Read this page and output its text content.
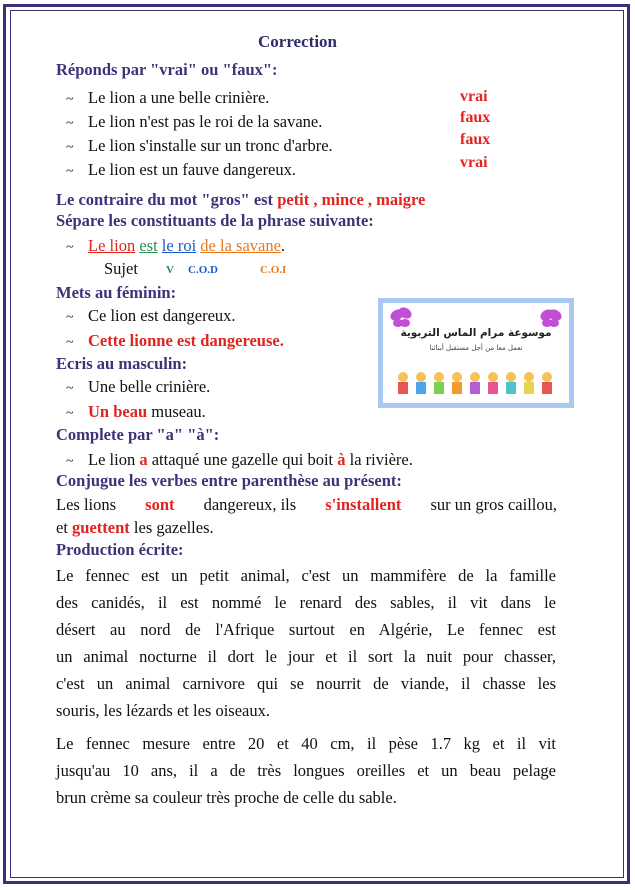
Correction
Réponds par "vrai" ou "faux":
~ Le lion a une belle crinière.	vrai
~ Le lion n'est pas le roi de la savane.	faux
~ Le lion s'installe sur un tronc d'arbre.	faux
~ Le lion est un fauve dangereux.	vrai
Le contraire du mot "gros" est petit , mince , maigre
Sépare les constituants de la phrase suivante:
~ Le lion est le roi de la savane.
Sujet	V C.O.D	C.O.I
Mets au féminin:
~ Ce lion est dangereux.
~ Cette lionne est dangereuse.
Ecris au masculin:
~ Une belle crinière.
~ Un beau museau.
Complete par "a" "à":
~ Le lion a attaqué une gazelle qui boit à la rivière.
Conjugue les verbes entre parenthèse au présent:
Les lions sont dangereux, ils s'installent sur un gros caillou,
et guettent les gazelles.
Production écrite:
Le fennec est un petit animal, c'est un mammifère de la famille
des canidés, il est nommé le renard des sables, il vit dans le
désert au nord de l'Afrique surtout en Algérie, Le fennec est
un animal nocturne il dort le jour et il sort la nuit pour chasser,
c'est un animal carnivore qui se nourrit de viande, il chasse les
souris, les lézards et les oiseaux.
Le fennec mesure entre 20 et 40 cm, il pèse 1.7 kg et il vit
jusqu'au 10 ans, il a de très longues oreilles et un beau pelage
brun crème sa couleur très proche de celle du sable.
موسوعة مرام الماس التربوية
نعمل معا من أجل مستقبل أبنائنا
